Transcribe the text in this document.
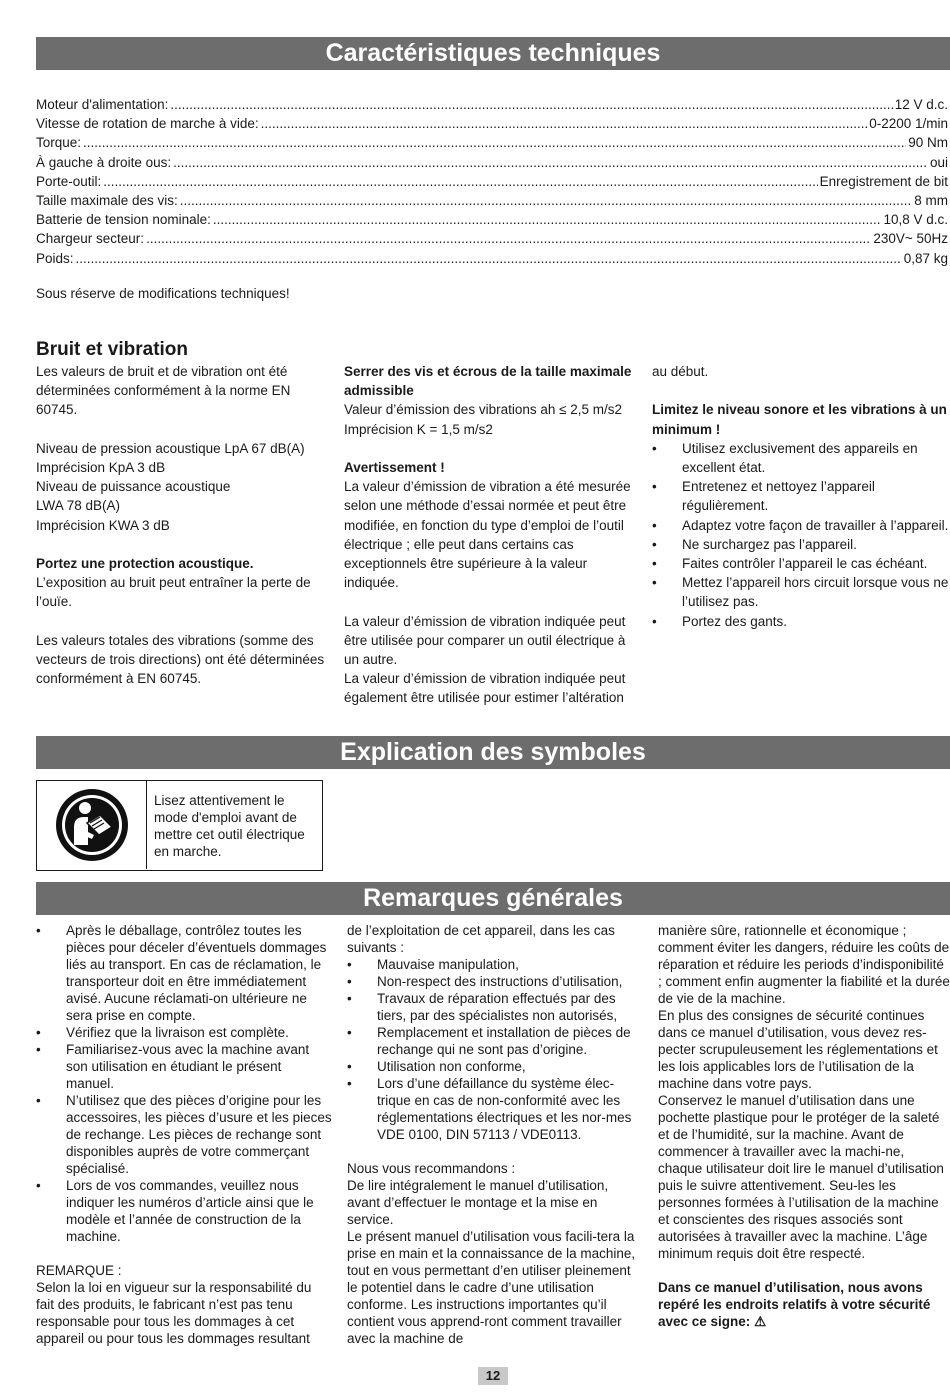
Caractéristiques techniques
Moteur d'alimentation: .....	12 V d.c.
Vitesse de rotation de marche à vide: .....	0-2200 1/min
Torque: .....	90 Nm
À gauche à droite ous: .....	oui
Porte-outil: .....	Enregistrement de bit
Taille maximale des vis: .....	8 mm
Batterie de tension nominale: .....	10,8 V d.c.
Chargeur secteur: .....	230V~ 50Hz
Poids: .....	0,87 kg
Sous réserve de modifications techniques!
Bruit et vibration

Les valeurs de bruit et de vibration ont été déterminées conformément à la norme EN 60745.

Niveau de pression acoustique LpA 67 dB(A)

Imprécision KpA 3 dB

Niveau de puissance acoustique

LWA 78 dB(A)

Imprécision KWA 3 dB

Portez une protection acoustique.

L’exposition au bruit peut entraîner la perte de l’ouïe.

Les valeurs totales des vibrations (somme des vecteurs de trois directions) ont été déterminées conformément à EN 60745.

Serrer des vis et écrous de la taille maximale admissible

Valeur d’émission des vibrations ah ≤ 2,5 m/s2

Imprécision K = 1,5 m/s2

Avertissement !

La valeur d’émission de vibration a été mesurée selon une méthode d’essai normée et peut être modifiée, en fonction du type d’emploi de l’outil électrique ; elle peut dans certains cas exceptionnels être supérieure à la valeur indiquée.

La valeur d’émission de vibration indiquée peut être utilisée pour comparer un outil électrique à un autre.

La valeur d’émission de vibration indiquée peut également être utilisée pour estimer l’altération

au début.

Limitez le niveau sonore et les vibrations à un

minimum !

• Utilisez exclusivement des appareils en excellent état.
• Entretenez et nettoyez l’appareil régulièrement.
• Adaptez votre façon de travailler à l’appareil.
• Ne surchargez pas l’appareil.
• Faites contrôler l’appareil le cas échéant.
• Mettez l’appareil hors circuit lorsque vous ne l’utilisez pas.
• Portez des gants.
Explication des symboles
Lisez attentivement le mode d'emploi avant de mettre cet outil électrique en marche.
Remarques générales
• Après le déballage, contrôlez toutes les pièces pour déceler d’éventuels dommages liés au transport. En cas de réclamation, le transporteur doit en être immédiatement avisé. Aucune réclamati-on ultérieure ne sera prise en compte.
• Vérifiez que la livraison est complète.
• Familiarisez-vous avec la machine avant son utilisation en étudiant le présent manuel.
• N’utilisez que des pièces d’origine pour les accessoires, les pièces d’usure et les pieces de rechange. Les pièces de rechange sont disponibles auprès de votre commerçant spécialisé.
• Lors de vos commandes, veuillez nous indiquer les numéros d’article ainsi que le modèle et l’année de construction de la machine.

REMARQUE :

Selon la loi en vigueur sur la responsabilité du fait des produits, le fabricant n’est pas tenu responsable pour tous les dommages à cet appareil ou pour tous les dommages resultant

de l’exploitation de cet appareil, dans les cas suivants :

• Mauvaise manipulation,
• Non-respect des instructions d’utilisation,
• Travaux de réparation effectués par des tiers, par des spécialistes non autorisés,
• Remplacement et installation de pièces de rechange qui ne sont pas d’origine.
• Utilisation non conforme,
• Lors d’une défaillance du système élec-trique en cas de non-conformité avec les réglementations électriques et les nor-mes VDE 0100, DIN 57113 / VDE0113.

Nous vous recommandons :

De lire intégralement le manuel d’utilisation, avant d’effectuer le montage et la mise en service.

Le présent manuel d’utilisation vous facili-tera la prise en main et la connaissance de la machine, tout en vous permettant d’en utiliser pleinement le potentiel dans le cadre d’une utilisation conforme. Les instructions importantes qu’il contient vous apprend-ront comment travailler avec la machine de

manière sûre, rationnelle et économique ; comment éviter les dangers, réduire les coûts de réparation et réduire les periods d’indisponibilité ; comment enfin augmenter la fiabilité et la durée de vie de la machine.

En plus des consignes de sécurité continues dans ce manuel d’utilisation, vous devez res-pecter scrupuleusement les réglementations et les lois applicables lors de l’utilisation de la machine dans votre pays.

Conservez le manuel d’utilisation dans une pochette plastique pour le protéger de la saleté et de l’humidité, sur la machine. Avant de commencer à travailler avec la machi-ne, chaque utilisateur doit lire le manuel d’utilisation puis le suivre attentivement. Seu-les les personnes formées à l’utilisation de la machine et conscientes des risques associés sont autorisées à travailler avec la machine. L’âge minimum requis doit être respecté.

Dans ce manuel d’utilisation, nous avons repéré les endroits relatifs à votre sécurité avec ce signe: ⚠

12
